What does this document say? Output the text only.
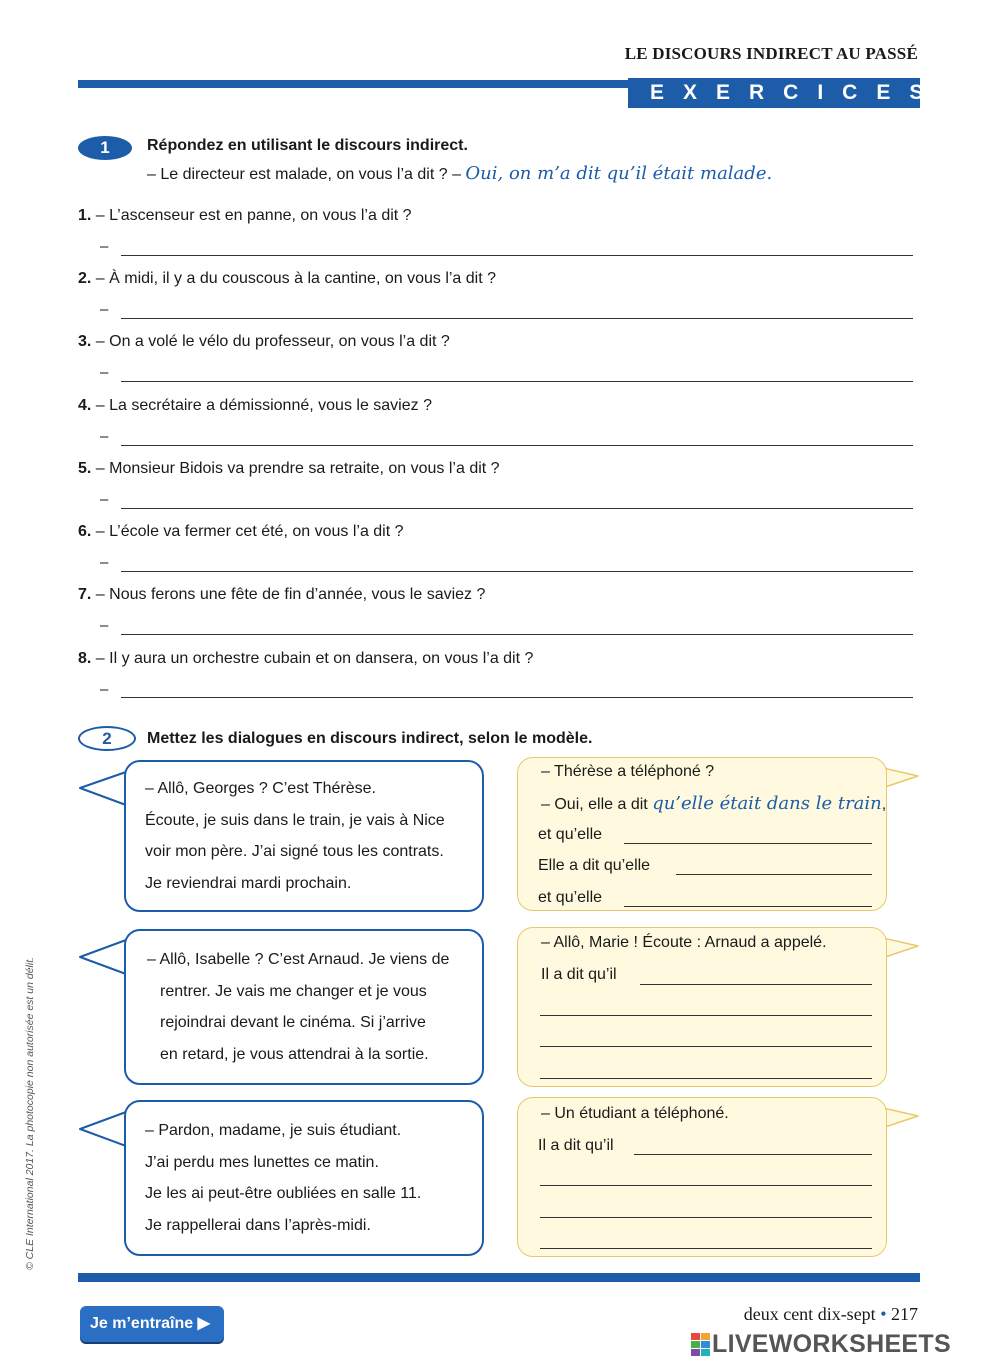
LE DISCOURS INDIRECT AU PASSÉ
EXERCICES
1	Répondez en utilisant le discours indirect.
– Le directeur est malade, on vous l’a dit ? – Oui, on m’a dit qu’il était malade.
1. – L’ascenseur est en panne, on vous l’a dit ?
–
2. – À midi, il y a du couscous à la cantine, on vous l’a dit ?
–
3. – On a volé le vélo du professeur, on vous l’a dit ?
–
4. – La secrétaire a démissionné, vous le saviez ?
–
5. – Monsieur Bidois va prendre sa retraite, on vous l’a dit ?
–
6. – L’école va fermer cet été, on vous l’a dit ?
–
7. – Nous ferons une fête de fin d’année, vous le saviez ?
–
8. – Il y aura un orchestre cubain et on dansera, on vous l’a dit ?
–
2	Mettez les dialogues en discours indirect, selon le modèle.
– Allô, Georges ? C’est Thérèse.
Écoute, je suis dans le train, je vais à Nice
voir mon père. J’ai signé tous les contrats.
Je reviendrai mardi prochain.
– Allô, Isabelle ? C’est Arnaud. Je viens de
rentrer. Je vais me changer et je vous
rejoindrai devant le cinéma. Si j’arrive
en retard, je vous attendrai à la sortie.
– Pardon, madame, je suis étudiant.
J’ai perdu mes lunettes ce matin.
Je les ai peut-être oubliées en salle 11.
Je rappellerai dans l’après-midi.
– Thérèse a téléphoné ?
– Oui, elle a dit qu’elle était dans le train,
et qu’elle
Elle a dit qu’elle
et qu’elle
– Allô, Marie ! Écoute : Arnaud a appelé.
Il a dit qu’il
– Un étudiant a téléphoné.
Il a dit qu’il
Je m’entraîne ▶	deux cent dix-sept • 217
© CLE International 2017. La photocopie non autorisée est un délit.
LIVEWORKSHEETS
